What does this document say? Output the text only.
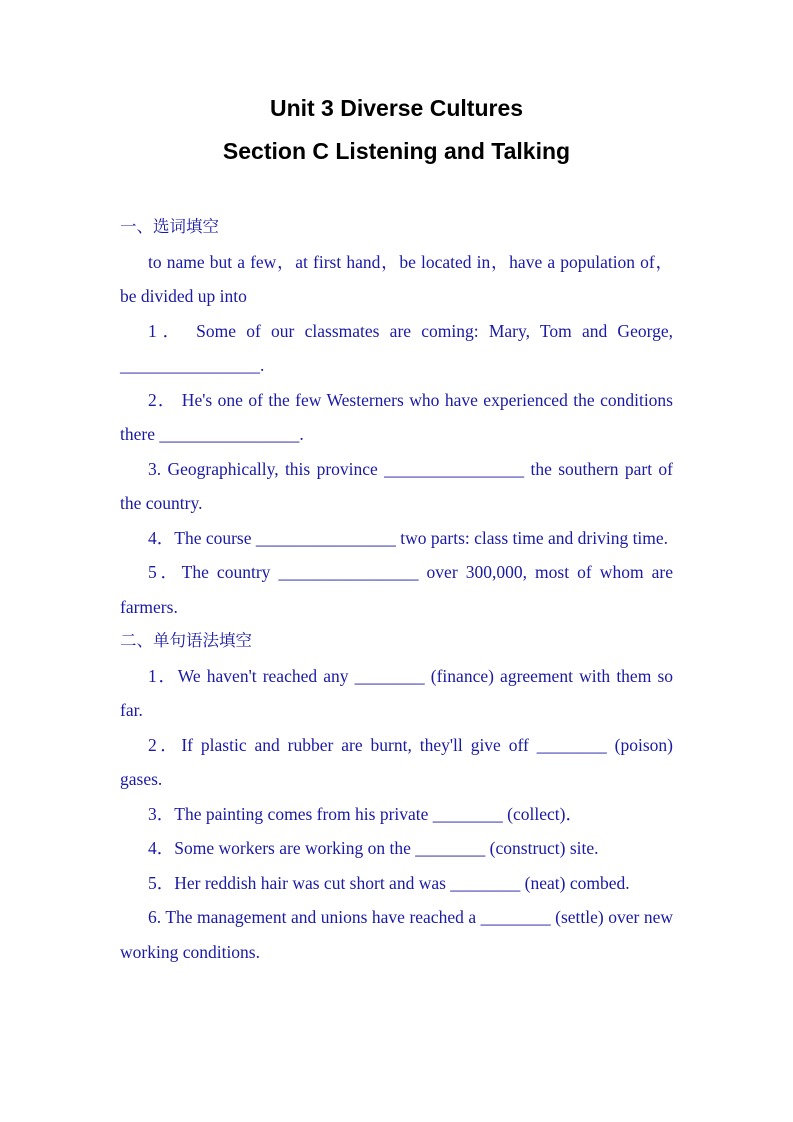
Unit 3 Diverse Cultures
Section C Listening and Talking

一、选词填空

to name but a few，at first hand，be located in，have a population of，be divided up into

1． Some of our classmates are coming: Mary, Tom and George, ________________.

2． He's one of the few Westerners who have experienced the conditions there ________________.

3. Geographically, this province ________________ the southern part of the country.

4．The course ________________ two parts: class time and driving time.

5．The country ________________ over 300,000, most of whom are farmers.

二、单句语法填空

1．We haven't reached any ________ (finance) agreement with them so far.

2．If plastic and rubber are burnt, they'll give off ________ (poison) gases.

3．The painting comes from his private ________ (collect)．

4．Some workers are working on the ________ (construct) site.

5．Her reddish hair was cut short and was ________ (neat) combed.

6. The management and unions have reached a ________ (settle) over new working conditions.
